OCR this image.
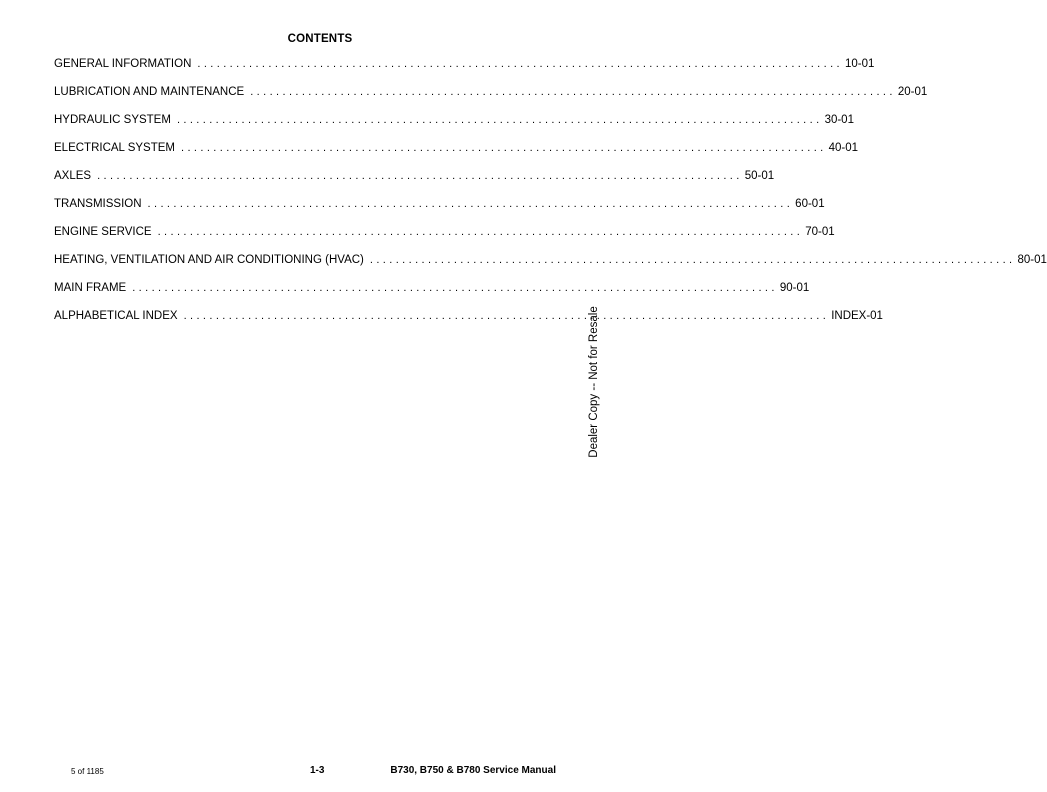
CONTENTS
GENERAL INFORMATION .................................................................................................... 10-01
LUBRICATION AND MAINTENANCE .................................................................................................... 20-01
HYDRAULIC SYSTEM .................................................................................................... 30-01
ELECTRICAL SYSTEM .................................................................................................... 40-01
AXLES .................................................................................................... 50-01
TRANSMISSION .................................................................................................... 60-01
ENGINE SERVICE .................................................................................................... 70-01
HEATING, VENTILATION AND AIR CONDITIONING (HVAC) .................................................................................................... 80-01
MAIN FRAME .................................................................................................... 90-01
ALPHABETICAL INDEX .................................................................................................... INDEX-01
Dealer Copy -- Not for Resale
5 of 1185	1-3	B730, B750 & B780 Service Manual
